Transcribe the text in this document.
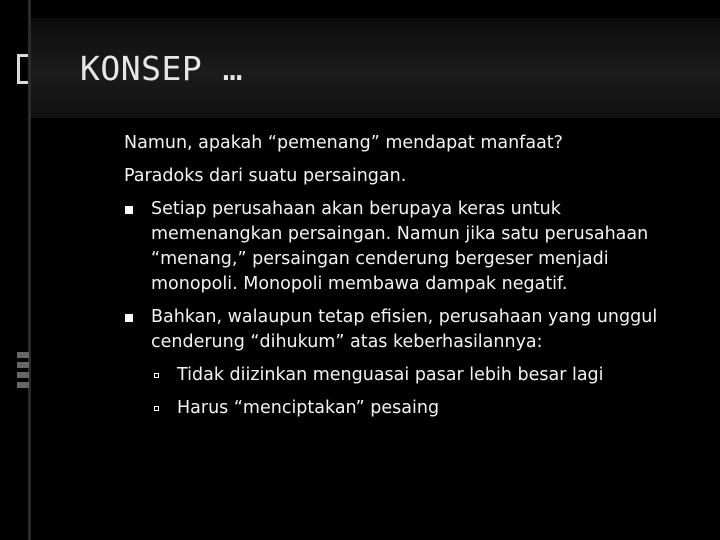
KONSEP …

Namun, apakah “pemenang” mendapat manfaat?

Paradoks dari suatu persaingan.

Setiap perusahaan akan berupaya keras untuk memenangkan persaingan. Namun jika satu perusahaan “menang,” persaingan cenderung bergeser menjadi monopoli. Monopoli membawa dampak negatif.
Bahkan, walaupun tetap efisien, perusahaan yang unggul cenderung “dihukum” atas keberhasilannya:
Tidak diizinkan menguasai pasar lebih besar lagi
Harus “menciptakan” pesaing
